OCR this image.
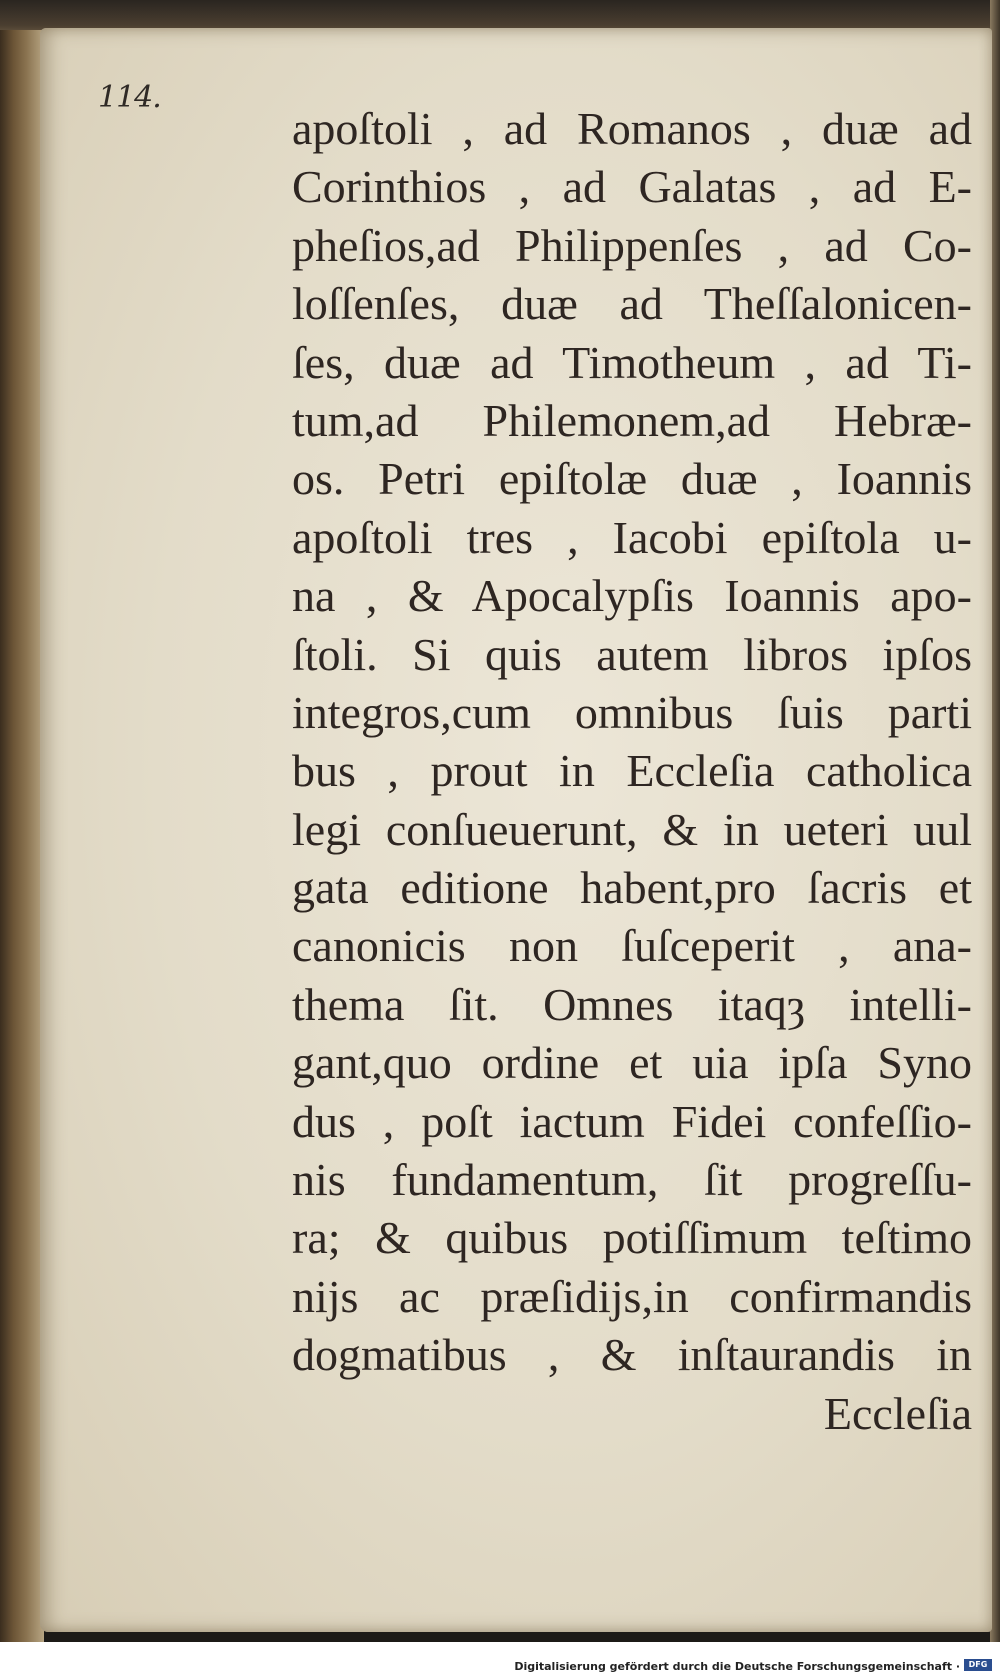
114.
apoſtoli , ad Romanos , duæ ad
Corinthios , ad Galatas , ad E-
pheſios,ad Philippenſes , ad Co-
loſſenſes, duæ ad Theſſalonicen-
ſes, duæ ad Timotheum , ad Ti-
tum,ad Philemonem,ad Hebræ-
os. Petri epiſtolæ duæ , Ioannis
apoſtoli tres , Iacobi epiſtola u-
na , & Apocalypſis Ioannis apo-
ſtoli. Si quis autem libros ipſos
integros,cum omnibus ſuis parti
bus , prout in Eccleſia catholica
legi conſueuerunt, & in ueteri uul
gata editione habent,pro ſacris et
canonicis non ſuſceperit , ana-
thema ſit. Omnes itaqȝ intelli-
gant,quo ordine et uia ipſa Syno
dus , poſt iactum Fidei confeſſio-
nis fundamentum, ſit progreſſu-
ra; & quibus potiſſimum teſtimo
nijs ac præſidijs,in confirmandis
dogmatibus , & inſtaurandis in
Eccleſia
Digitalisierung gefördert durch die Deutsche Forschungsgemeinschaft ·	DFG
